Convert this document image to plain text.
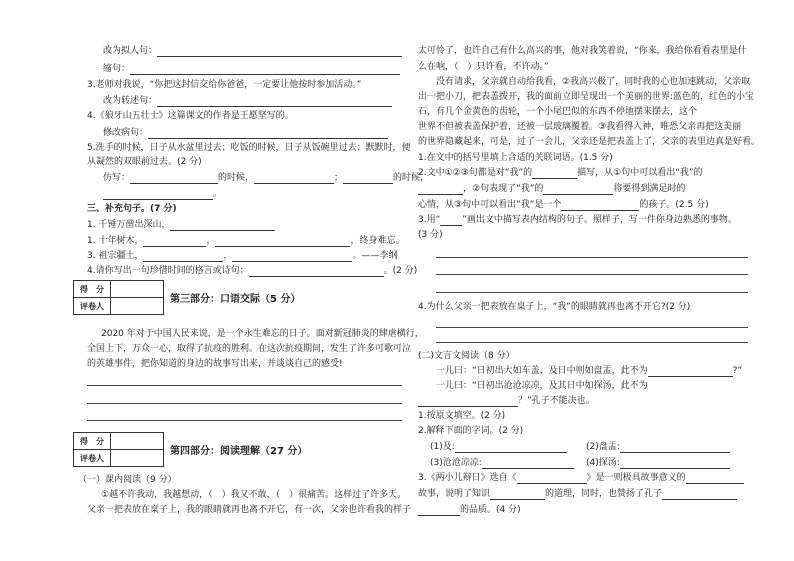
改为拟人句：
缩句：
3.老师对我说，“你把这封信交给你爸爸，一定要让他按时参加活动。”
改为转述句：
4.《狼牙山五壮士》这篇课文的作者是王愿坚写的。
修改病句：
5.洗手的时候，日子从水盆里过去；吃饭的时候，日子从饭碗里过去；默默时，便
从凝然的双眼前过去。(2 分)
仿写：	的时候，	；	的时候，
。
三、补充句子。(7 分)
1. 千锤万凿出深山，
1. 十年树木，	，	，终身难忘。
3. 祖宗疆土，	，	。——李纲
4.请你写出一句珍惜时间的格言或诗句：	。(2 分)
得　分	
评卷人	
第三部分：口语交际（5 分）
2020 年对于中国人民来说，是一个永生难忘的日子。面对新冠肺炎的肆虐横行，
全国上下，万众一心，取得了抗疫的胜利。在这次抗疫期间，发生了许多可歌可泣
的英雄事件，把你知道的身边的故事写出来，并谈谈自己的感受!
得　分	
评卷人	
第四部分：阅读理解（27 分）
（一）课内阅读（9 分）
①越不许我动，我越想动，（　）我又不敢，（　）很痛苦。这样过了许多天。
父亲一把表放在桌子上，我的眼睛就再也离不开它，有一次，父亲也许看我的样子
太可怜了，也许自己有什么高兴的事，他对我笑着说，“你来，我给你看看表里是什
么在响，（　）只许看，不许动。”
没有请求，父亲就自动给我看，②我高兴极了，同时我的心也加速跳动，父亲取
出一把小刀，把表盖拨开，我的面前立即呈现出一个美丽的世界:蓝色的，红色的小宝
石，有几个金黄色的齿轮，一个小尾巴似的东西不停地摆来摆去，这个
世界不但被表盖保护着，还被一层玻璃覆着。③我看得入神，唯恐父亲再把这美丽
的世界隐藏起来，可是，过了一会儿，父亲还是把表盖上了，父亲的表里边真是好看。
1.在文中的括号里填上合适的关联词语。(1.5 分)
2.文中①②③句都是对“我”的	描写，从①句中可以看出“我”的
，②句表现了“我”的	将要得到满足时的
心情，从③句中可以看出“我”是一个	的孩子。(2.5 分)
3.用“ ”画出文中描写表内结构的句子。照样子，写一件你身边熟悉的事物。
(3 分)
4.为什么父亲一把表放在桌子上，“我”的眼睛就再也离不开它?(2 分)
(二)文言文阅读（8 分）
一儿曰：“日初出大如车盖，及日中则如盘盂，此不为	?”
一儿曰：“日初出沧沧凉凉，及其日中如探汤，此不为
？”孔子不能决也。
1.按原文填空。(2 分)
2.解释下面的字词。(2 分)
(1)及:	(2)盘盂:
(3)沧沧凉凉:	(4)探汤:
3.《两小儿辩日》选自《	》是一则极具故事意义的
故事，说明了知识	的道理，同时，也赞扬了孔子
的品质。(4 分)
